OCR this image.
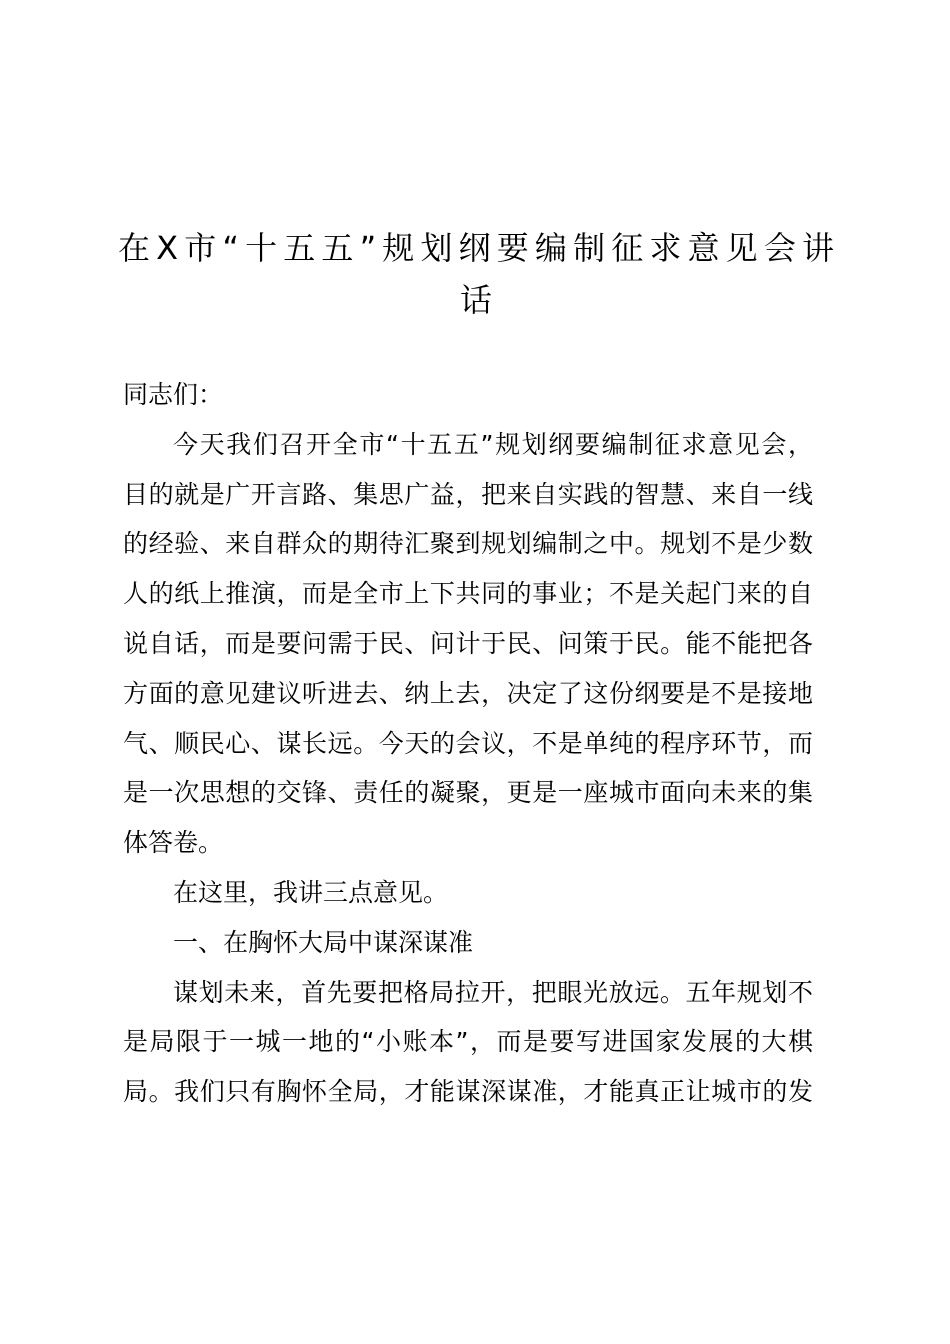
在X市“十五五”规划纲要编制征求意见会讲
话
同志们：
今天我们召开全市“十五五”规划纲要编制征求意见会，
目的就是广开言路、集思广益，把来自实践的智慧、来自一线
的经验、来自群众的期待汇聚到规划编制之中。规划不是少数
人的纸上推演，而是全市上下共同的事业；不是关起门来的自
说自话，而是要问需于民、问计于民、问策于民。能不能把各
方面的意见建议听进去、纳上去，决定了这份纲要是不是接地
气、顺民心、谋长远。今天的会议，不是单纯的程序环节，而
是一次思想的交锋、责任的凝聚，更是一座城市面向未来的集
体答卷。
在这里，我讲三点意见。
一、在胸怀大局中谋深谋准
谋划未来，首先要把格局拉开，把眼光放远。五年规划不
是局限于一城一地的“小账本”，而是要写进国家发展的大棋
局。我们只有胸怀全局，才能谋深谋准，才能真正让城市的发
